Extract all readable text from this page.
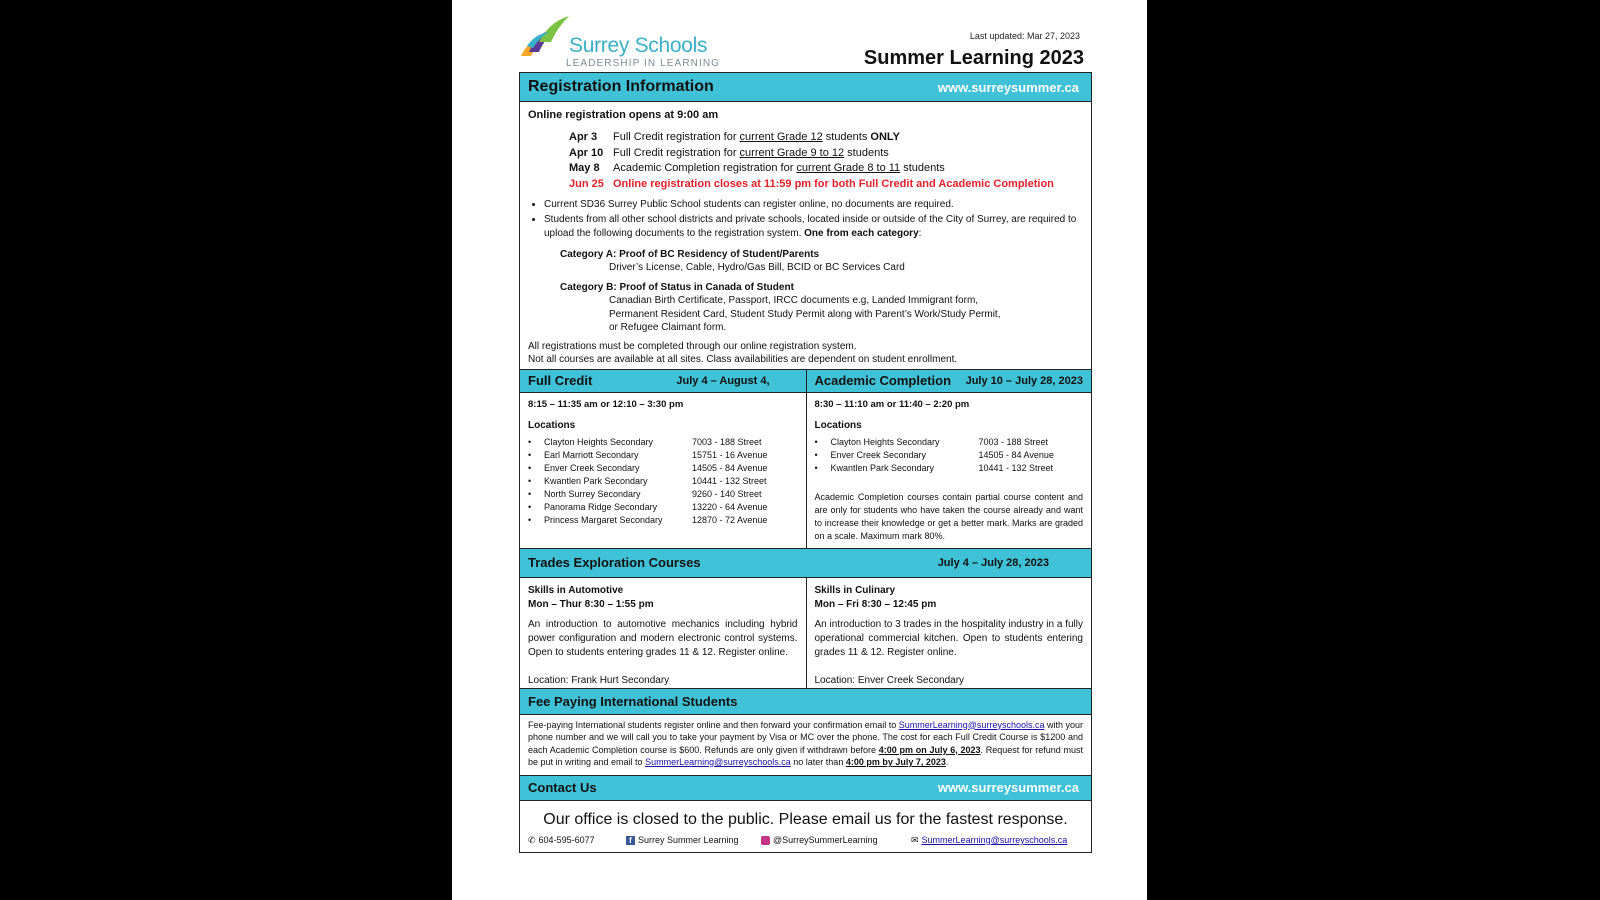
Surrey Schools
LEADERSHIP IN LEARNING
Last updated: Mar 27, 2023
Summer Learning 2023
Registration Information	www.surreysummer.ca
Online registration opens at 9:00 am
Apr 3	Full Credit registration for current Grade 12 students ONLY
Apr 10 Full Credit registration for current Grade 9 to 12 students
May 8	Academic Completion registration for current Grade 8 to 11 students
Jun 25 Online registration closes at 11:59 pm for both Full Credit and Academic Completion
• Current SD36 Surrey Public School students can register online, no documents are required.
• Students from all other school districts and private schools, located inside or outside of the City of Surrey, are required to upload the following documents to the registration system. One from each category:
Category A: Proof of BC Residency of Student/Parents
Driver’s License, Cable, Hydro/Gas Bill, BCID or BC Services Card
Category B: Proof of Status in Canada of Student
Canadian Birth Certificate, Passport, IRCC documents e.g, Landed Immigrant form,
Permanent Resident Card, Student Study Permit along with Parent’s Work/Study Permit,
or Refugee Claimant form.
All registrations must be completed through our online registration system.
Not all courses are available at all sites. Class availabilities are dependent on student enrollment.
Full Credit	July 4 – August 4,
8:15 – 11:35 am or 12:10 – 3:30 pm
Locations
•	Clayton Heights Secondary	7003 - 188 Street
•	Earl Marriott Secondary	15751 - 16 Avenue
•	Enver Creek Secondary	14505 - 84 Avenue
•	Kwantlen Park Secondary	10441 - 132 Street
•	North Surrey Secondary	9260 - 140 Street
•	Panorama Ridge Secondary	13220 - 64 Avenue
•	Princess Margaret Secondary	12870 - 72 Avenue
Academic Completion July 10 – July 28, 2023
8:30 – 11:10 am or 11:40 – 2:20 pm
Locations
•	Clayton Heights Secondary	7003 - 188 Street
•	Enver Creek Secondary	14505 - 84 Avenue
•	Kwantlen Park Secondary	10441 - 132 Street
Academic Completion courses contain partial course content and are only for students who have taken the course already and want to increase their knowledge or get a better mark. Marks are graded on a scale. Maximum mark 80%.
Trades Exploration Courses	July 4 – July 28, 2023
Skills in Automotive
Mon – Thur 8:30 – 1:55 pm
An introduction to automotive mechanics including hybrid power configuration and modern electronic control systems. Open to students entering grades 11 & 12. Register online.
Location: Frank Hurt Secondary
Skills in Culinary
Mon – Fri 8:30 – 12:45 pm
An introduction to 3 trades in the hospitality industry in a fully operational commercial kitchen. Open to students entering grades 11 & 12. Register online.
Location: Enver Creek Secondary
Fee Paying International Students
Fee-paying International students register online and then forward your confirmation email to SummerLearning@surreyschools.ca with your phone number and we will call you to take your payment by Visa or MC over the phone. The cost for each Full Credit Course is $1200 and each Academic Completion course is $600. Refunds are only given if withdrawn before 4:00 pm on July 6, 2023. Request for refund must be put in writing and email to SummerLearning@surreyschools.ca no later than 4:00 pm by July 7, 2023.
Contact Us	www.surreysummer.ca
Our office is closed to the public. Please email us for the fastest response.
✆ 604-595-6077	f Surrey Summer Learning	@SurreySummerLearning	✉ SummerLearning@surreyschools.ca
